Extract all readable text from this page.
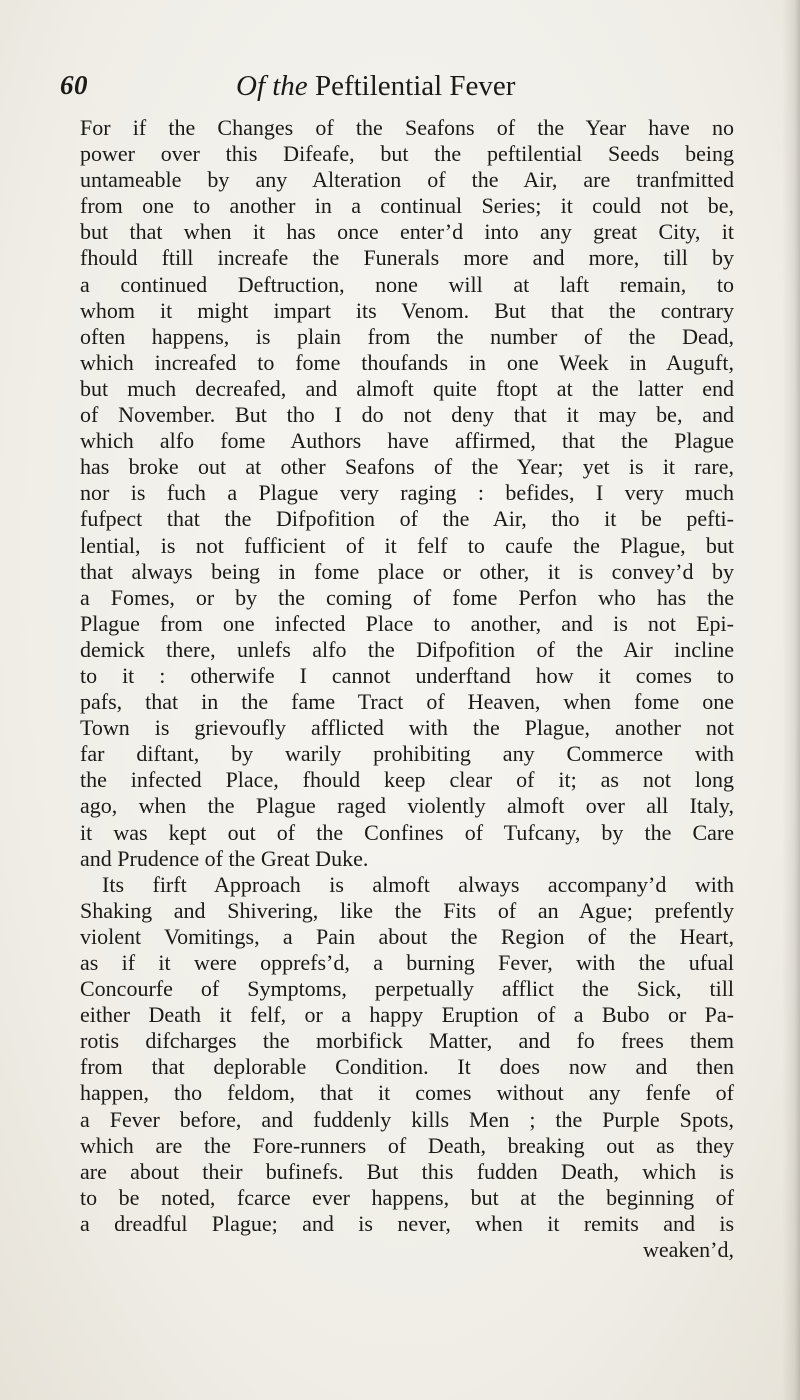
60	Of the Peftilential Fever
For if the Changes of the Seafons of the Year have no
power over this Difeafe, but the peftilential Seeds being
untameable by any Alteration of the Air, are tranfmitted
from one to another in a continual Series; it could not be,
but that when it has once enter’d into any great City, it
fhould ftill increafe the Funerals more and more, till by
a continued Deftruction, none will at laft remain, to
whom it might impart its Venom. But that the contrary
often happens, is plain from the number of the Dead,
which increafed to fome thoufands in one Week in Auguft,
but much decreafed, and almoft quite ftopt at the latter end
of November. But tho I do not deny that it may be, and
which alfo fome Authors have affirmed, that the Plague
has broke out at other Seafons of the Year; yet is it rare,
nor is fuch a Plague very raging : befides, I very much
fufpect that the Difpofition of the Air, tho it be pefti-
lential, is not fufficient of it felf to caufe the Plague, but
that always being in fome place or other, it is convey’d by
a Fomes, or by the coming of fome Perfon who has the
Plague from one infected Place to another, and is not Epi-
demick there, unlefs alfo the Difpofition of the Air incline
to it : otherwife I cannot underftand how it comes to
pafs, that in the fame Tract of Heaven, when fome one
Town is grievoufly afflicted with the Plague, another not
far diftant, by warily prohibiting any Commerce with
the infected Place, fhould keep clear of it; as not long
ago, when the Plague raged violently almoft over all Italy,
it was kept out of the Confines of Tufcany, by the Care
and Prudence of the Great Duke.
Its firft Approach is almoft always accompany’d with
Shaking and Shivering, like the Fits of an Ague; prefently
violent Vomitings, a Pain about the Region of the Heart,
as if it were opprefs’d, a burning Fever, with the ufual
Concourfe of Symptoms, perpetually afflict the Sick, till
either Death it felf, or a happy Eruption of a Bubo or Pa-
rotis difcharges the morbifick Matter, and fo frees them
from that deplorable Condition. It does now and then
happen, tho feldom, that it comes without any fenfe of
a Fever before, and fuddenly kills Men ; the Purple Spots,
which are the Fore-runners of Death, breaking out as they
are about their bufinefs. But this fudden Death, which is
to be noted, fcarce ever happens, but at the beginning of
a dreadful Plague; and is never, when it remits and is
weaken’d,
